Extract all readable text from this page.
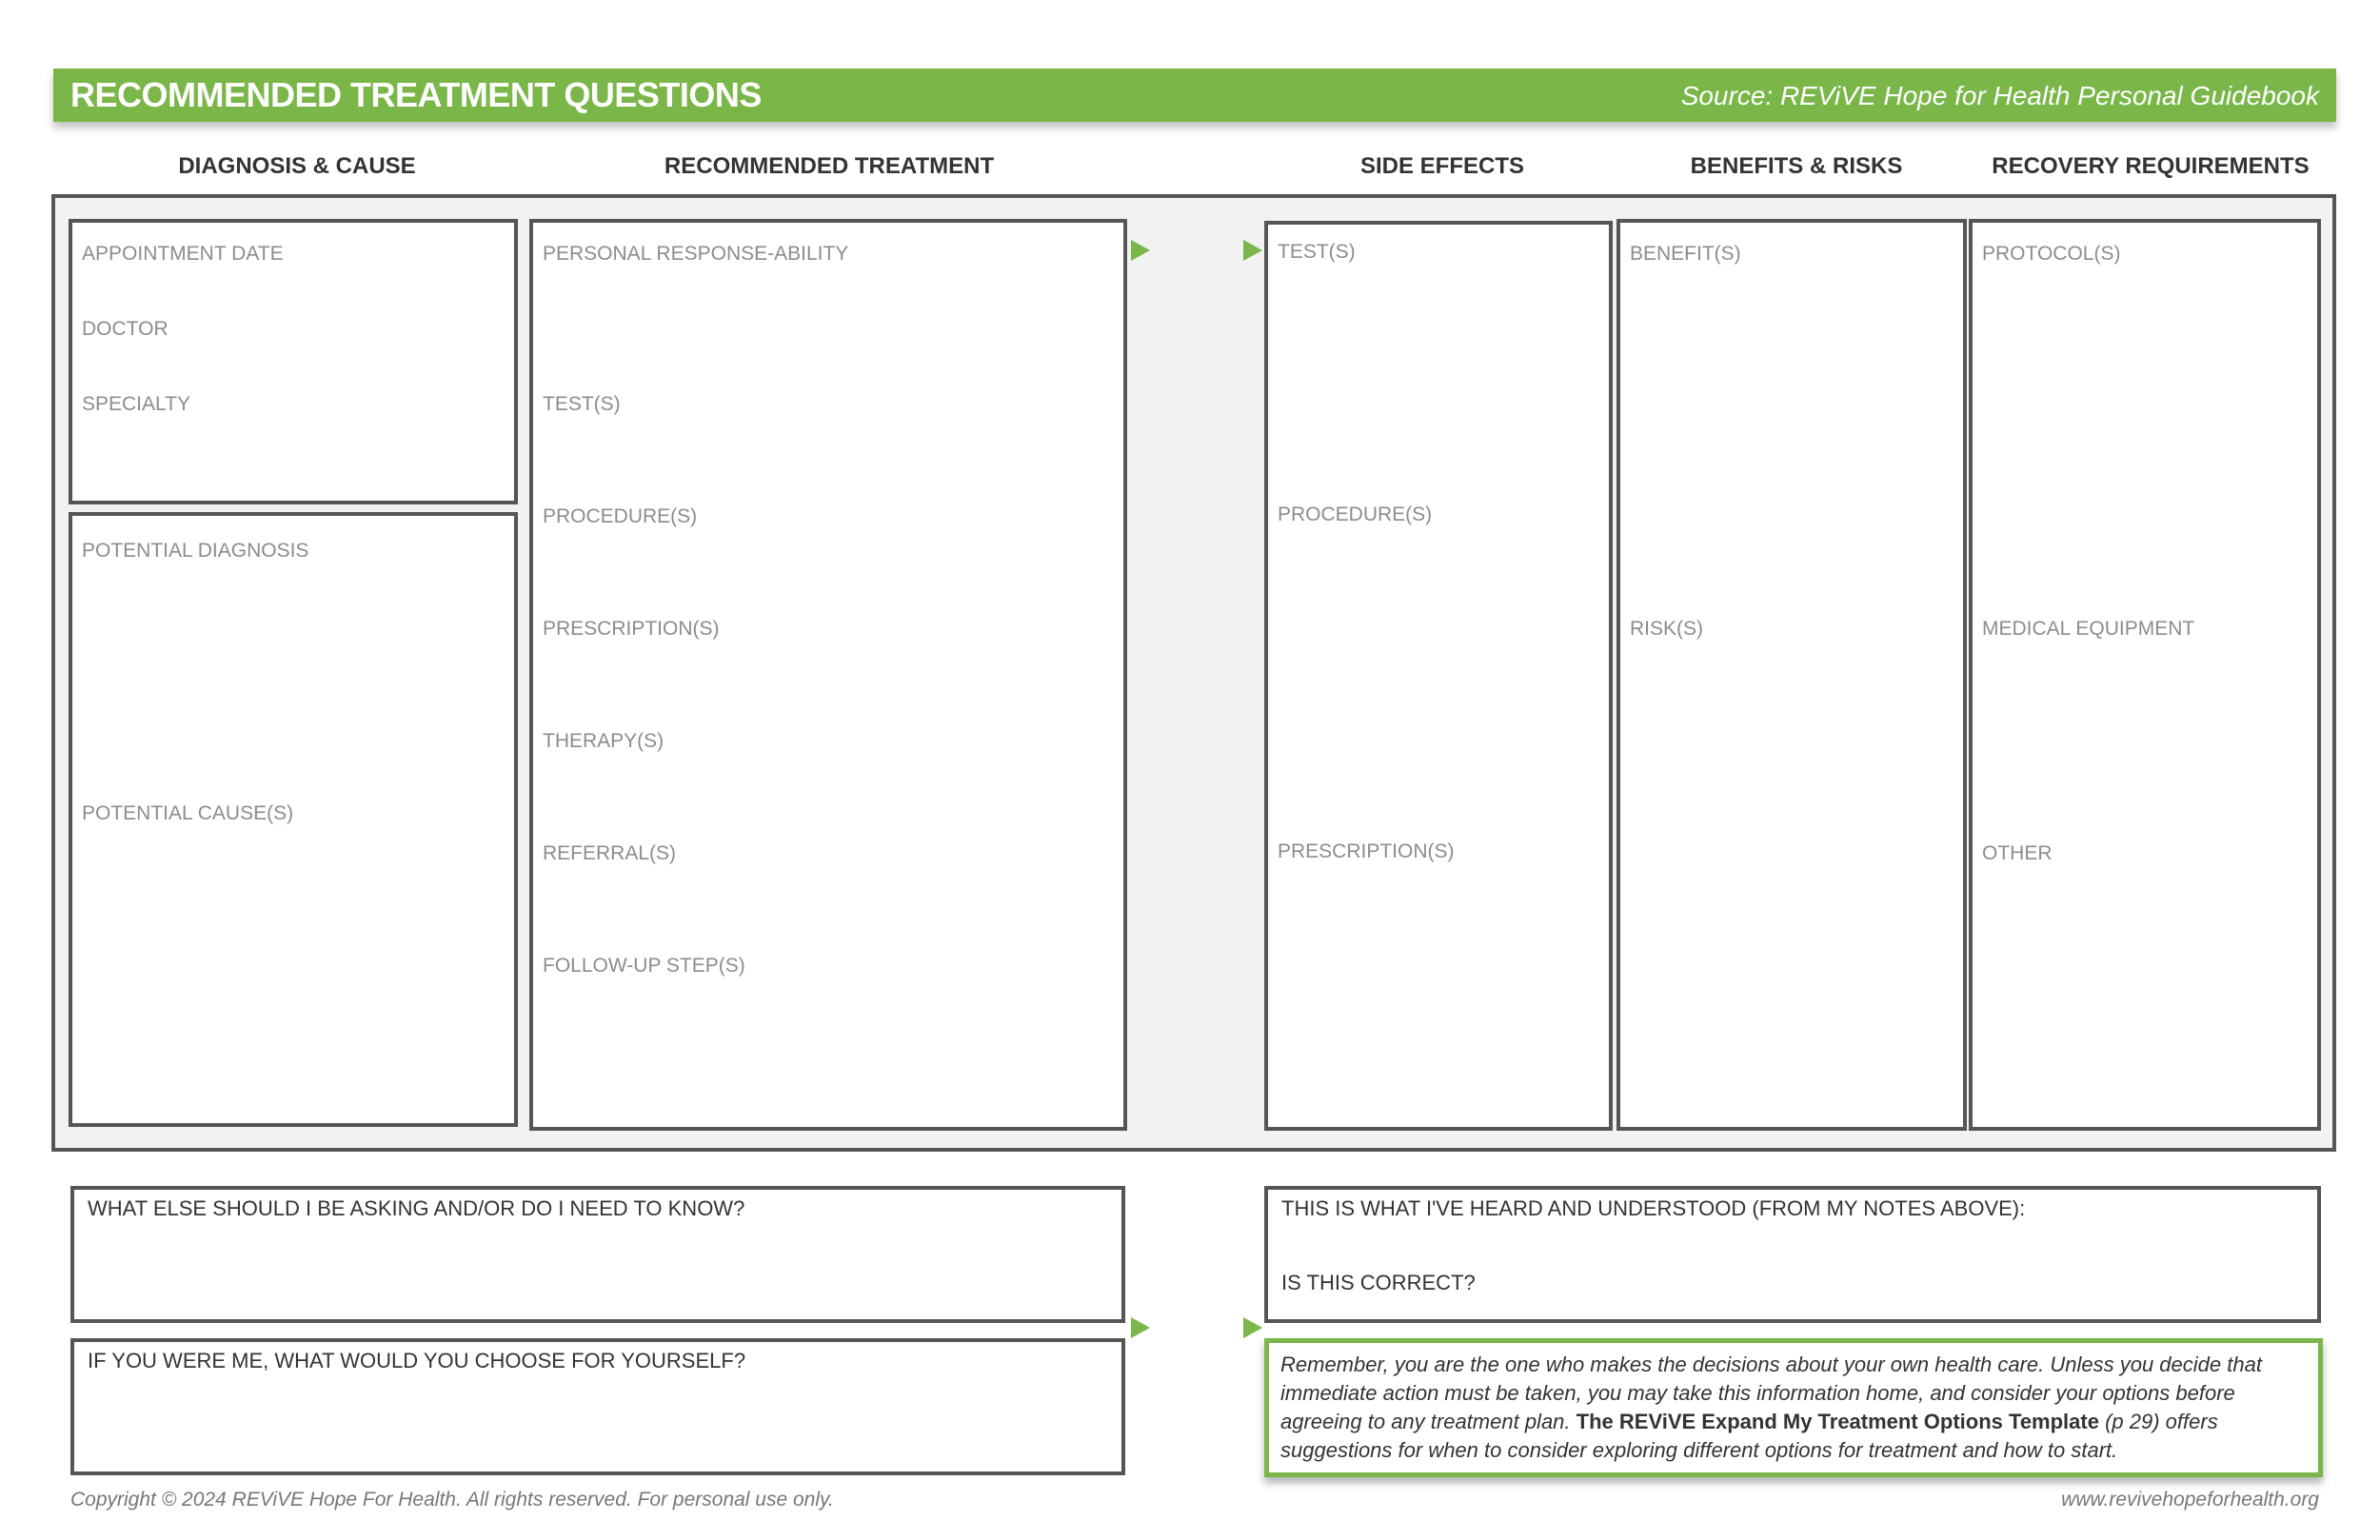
RECOMMENDED TREATMENT QUESTIONS	Source: REViVE Hope for Health Personal Guidebook
DIAGNOSIS & CAUSE	RECOMMENDED TREATMENT	SIDE EFFECTS	BENEFITS & RISKS	RECOVERY REQUIREMENTS
APPOINTMENT DATE
DOCTOR
SPECIALTY
POTENTIAL DIAGNOSIS
POTENTIAL CAUSE(S)
PERSONAL RESPONSE-ABILITY
TEST(S)
PROCEDURE(S)
PRESCRIPTION(S)
THERAPY(S)
REFERRAL(S)
FOLLOW-UP STEP(S)
TEST(S)
PROCEDURE(S)
PRESCRIPTION(S)
BENEFIT(S)
RISK(S)
PROTOCOL(S)
MEDICAL EQUIPMENT
OTHER
WHAT ELSE SHOULD I BE ASKING AND/OR DO I NEED TO KNOW?
IF YOU WERE ME, WHAT WOULD YOU CHOOSE FOR YOURSELF?
THIS IS WHAT I'VE HEARD AND UNDERSTOOD (FROM MY NOTES ABOVE):
IS THIS CORRECT?
Remember, you are the one who makes the decisions about your own health care. Unless you decide that immediate action must be taken, you may take this information home, and consider your options before agreeing to any treatment plan. The REViVE Expand My Treatment Options Template (p 29) offers suggestions for when to consider exploring different options for treatment and how to start.
Copyright © 2024 REViVE Hope For Health. All rights reserved. For personal use only.	www.revivehopeforhealth.org
